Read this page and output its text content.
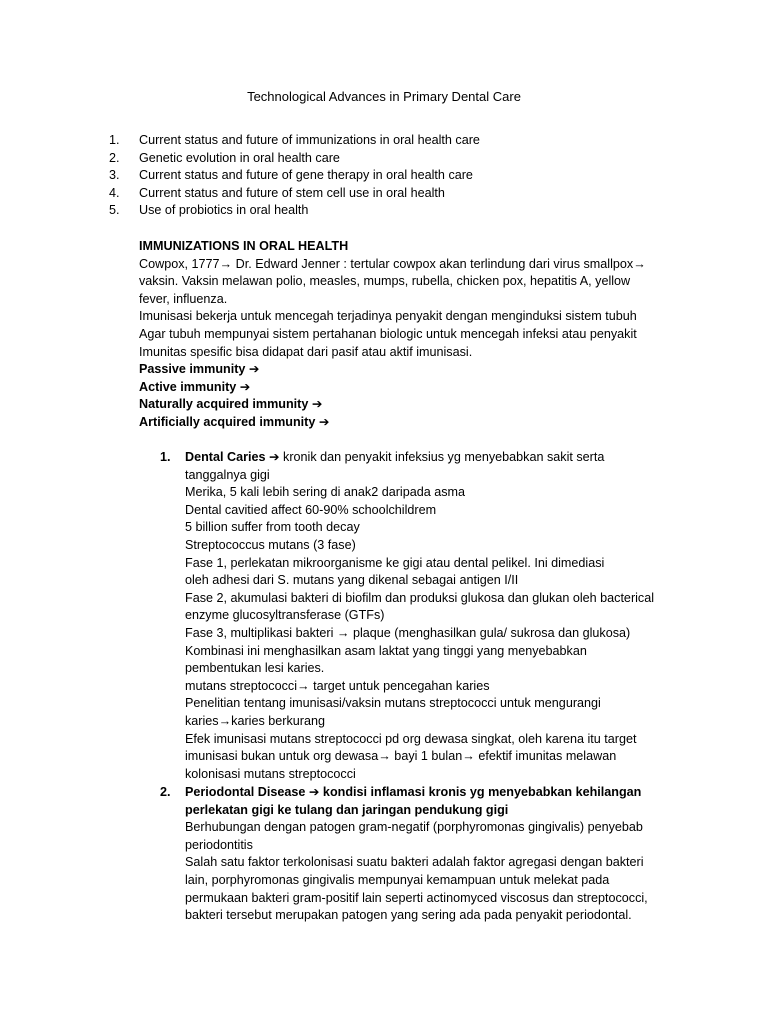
Technological Advances in Primary Dental Care
1. Current status and future of immunizations in oral health care
2. Genetic evolution in oral health care
3. Current status and future of gene therapy in oral health care
4. Current status and future of stem cell use in oral health
5. Use of probiotics in oral health
IMMUNIZATIONS IN ORAL HEALTH
Cowpox, 1777→ Dr. Edward Jenner : tertular cowpox akan terlindung dari virus smallpox→
vaksin. Vaksin melawan polio, measles, mumps, rubella, chicken pox, hepatitis A, yellow
fever, influenza.
Imunisasi bekerja untuk mencegah terjadinya penyakit dengan menginduksi sistem tubuh
Agar tubuh mempunyai sistem pertahanan biologic untuk mencegah infeksi atau penyakit
Imunitas spesific bisa didapat dari pasif atau aktif imunisasi.
Passive immunity ➔
Active immunity ➔
Naturally acquired immunity ➔
Artificially acquired immunity ➔
1. Dental Caries ➔ kronik dan penyakit infeksius yg menyebabkan sakit serta
tanggalnya gigi
Merika, 5 kali lebih sering di anak2 daripada asma
Dental cavitied affect 60-90% schoolchildrem
5 billion suffer from tooth decay
Streptococcus mutans (3 fase)
Fase 1, perlekatan mikroorganisme ke gigi atau dental pelikel. Ini dimediasi
oleh adhesi dari S. mutans yang dikenal sebagai antigen I/II
Fase 2, akumulasi bakteri di biofilm dan produksi glukosa dan glukan oleh bacterical
enzyme glucosyltransferase (GTFs)
Fase 3, multiplikasi bakteri → plaque (menghasilkan gula/ sukrosa dan glukosa)
Kombinasi ini menghasilkan asam laktat yang tinggi yang menyebabkan
pembentukan lesi karies.
mutans streptococci→ target untuk pencegahan karies
Penelitian tentang imunisasi/vaksin mutans streptococci untuk mengurangi
karies→karies berkurang
Efek imunisasi mutans streptococci pd org dewasa singkat, oleh karena itu target
imunisasi bukan untuk org dewasa→ bayi 1 bulan→ efektif imunitas melawan
kolonisasi mutans streptococci
2. Periodontal Disease ➔ kondisi inflamasi kronis yg menyebabkan kehilangan
perlekatan gigi ke tulang dan jaringan pendukung gigi
Berhubungan dengan patogen gram-negatif (porphyromonas gingivalis) penyebab
periodontitis
Salah satu faktor terkolonisasi suatu bakteri adalah faktor agregasi dengan bakteri
lain, porphyromonas gingivalis mempunyai kemampuan untuk melekat pada
permukaan bakteri gram-positif lain seperti actinomyced viscosus dan streptococci,
bakteri tersebut merupakan patogen yang sering ada pada penyakit periodontal.
